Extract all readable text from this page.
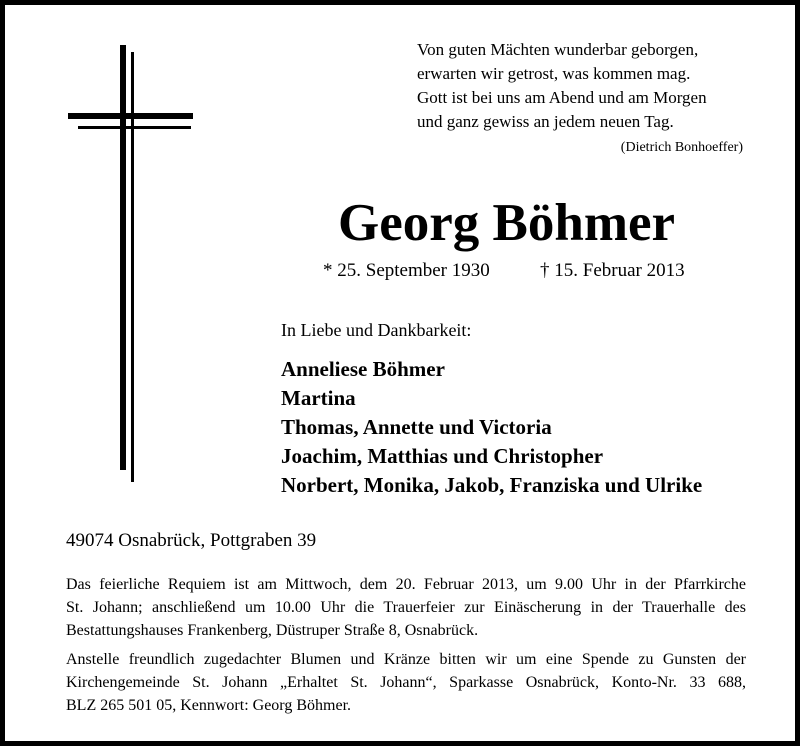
Von guten Mächten wunderbar geborgen,
erwarten wir getrost, was kommen mag.
Gott ist bei uns am Abend und am Morgen
und ganz gewiss an jedem neuen Tag.
(Dietrich Bonhoeffer)
Georg Böhmer
* 25. September 1930	† 15. Februar 2013
In Liebe und Dankbarkeit:
Anneliese Böhmer
Martina
Thomas, Annette und Victoria
Joachim, Matthias und Christopher
Norbert, Monika, Jakob, Franziska und Ulrike
49074 Osnabrück, Pottgraben 39
Das feierliche Requiem ist am Mittwoch, dem 20. Februar 2013, um 9.00 Uhr in der Pfarrkirche
St. Johann; anschließend um 10.00 Uhr die Trauerfeier zur Einäscherung in der Trauerhalle des
Bestattungshauses Frankenberg, Düstruper Straße 8, Osnabrück.
Anstelle freundlich zugedachter Blumen und Kränze bitten wir um eine Spende zu Gunsten der
Kirchengemeinde St. Johann „Erhaltet St. Johann“, Sparkasse Osnabrück, Konto-Nr. 33 688,
BLZ 265 501 05, Kennwort: Georg Böhmer.
